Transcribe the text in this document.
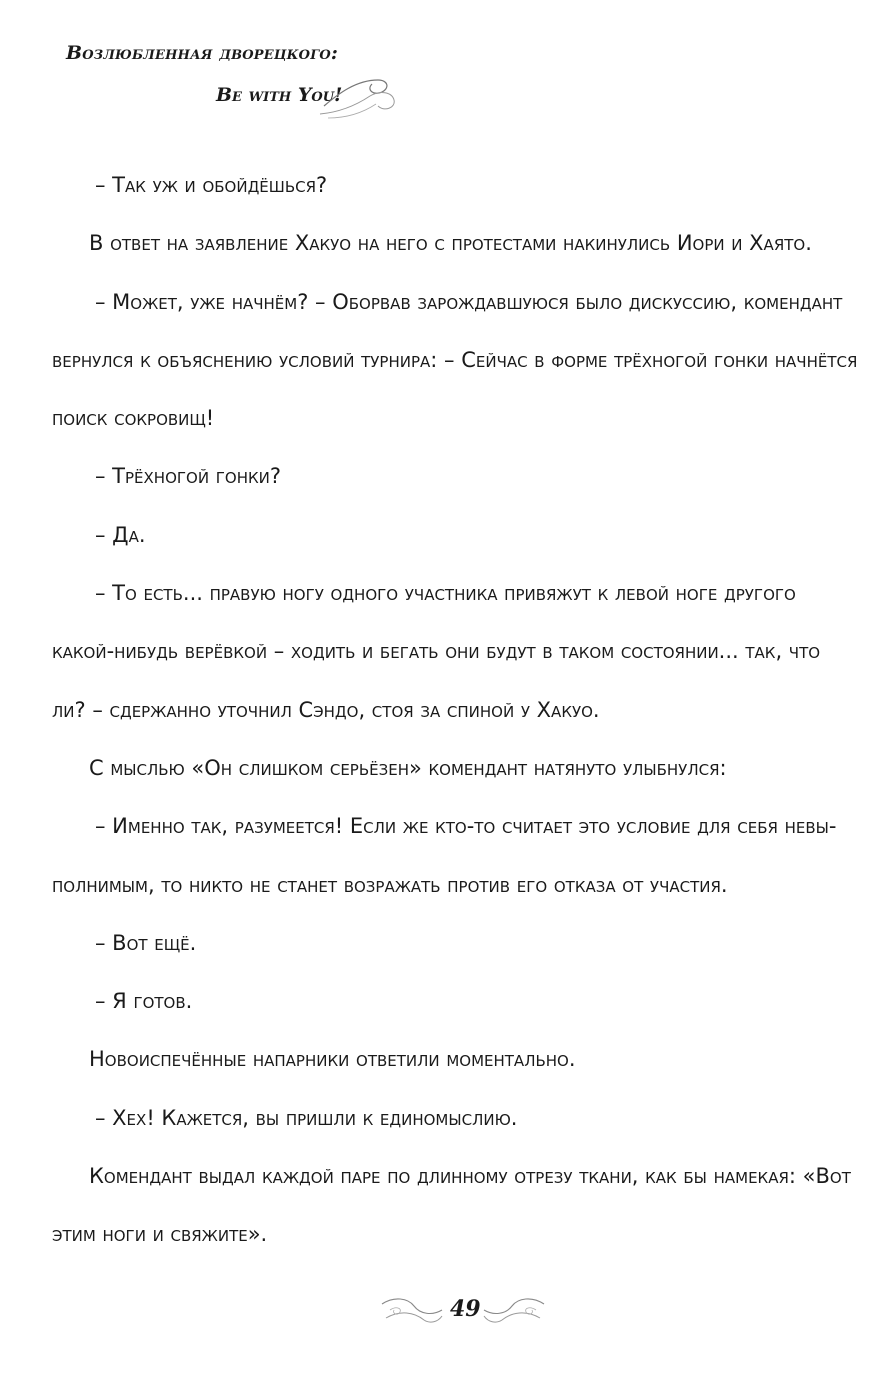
Возлюбленная дворецкого:
Be with You!

– Так уж и обойдёшься?

В ответ на заявление Хакуо на него с протестами накинулись Иори и Хаято.

– Может, уже начнём? – Оборвав зарождавшуюся было дискуссию, комендант вернулся к объяснению условий турнира: – Сейчас в форме трёхногой гонки начнётся поиск сокровищ!

– Трёхногой гонки?

– Да.

– То есть... правую ногу одного участника привяжут к левой ноге другого какой-нибудь верёвкой – ходить и бегать они будут в таком состоянии... так, что ли? – сдержанно уточнил Сэндо, стоя за спиной у Хакуо.

С мыслью «Он слишком серьёзен» комендант натянуто улыбнулся:

– Именно так, разумеется! Если же кто-то считает это условие для себя невыполнимым, то никто не станет возражать против его отказа от участия.

– Вот ещё.

– Я готов.

Новоиспечённые напарники ответили моментально.

– Хех! Кажется, вы пришли к единомыслию.

Комендант выдал каждой паре по длинному отрезу ткани, как бы намекая: «Вот этим ноги и свяжите».

49
